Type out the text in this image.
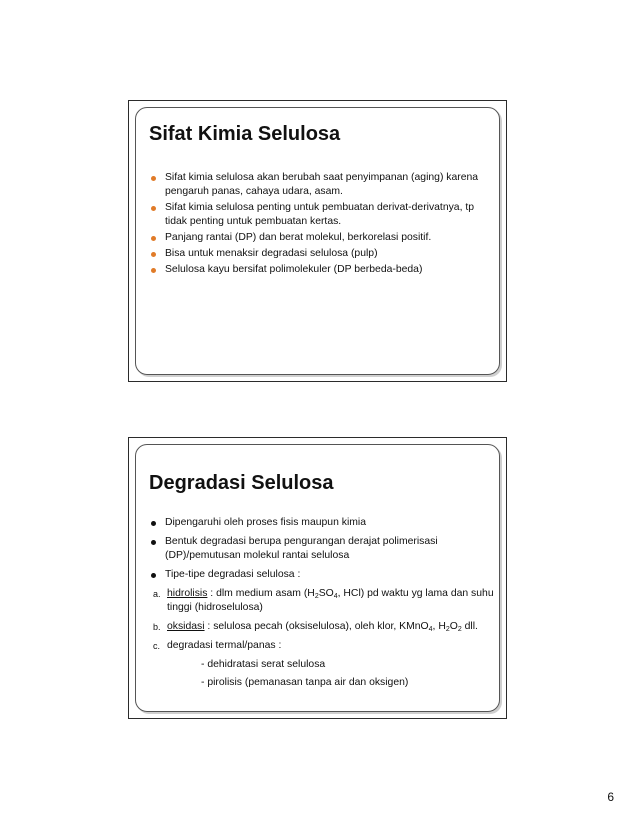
Sifat Kimia Selulosa
Sifat kimia selulosa akan berubah saat penyimpanan (aging) karena pengaruh panas, cahaya udara, asam.
Sifat kimia selulosa penting untuk pembuatan derivat-derivatnya, tp tidak penting untuk pembuatan kertas.
Panjang rantai (DP) dan berat molekul, berkorelasi positif.
Bisa untuk menaksir degradasi selulosa (pulp)
Selulosa kayu bersifat polimolekuler (DP berbeda-beda)
Degradasi Selulosa
Dipengaruhi oleh proses fisis maupun kimia
Bentuk degradasi berupa pengurangan derajat polimerisasi (DP)/pemutusan molekul rantai selulosa
Tipe-tipe degradasi selulosa :
a. hidrolisis : dlm medium asam ($H_2SO_4$, HCl) pd waktu yg lama dan suhu tinggi (hidroselulosa)
b. oksidasi : selulosa pecah (oksiselulosa), oleh klor, KMnO$_4$, $H_2O_2$ dll.
c. degradasi termal/panas :
- dehidratasi serat selulosa
- pirolisis (pemanasan tanpa air dan oksigen)
6
